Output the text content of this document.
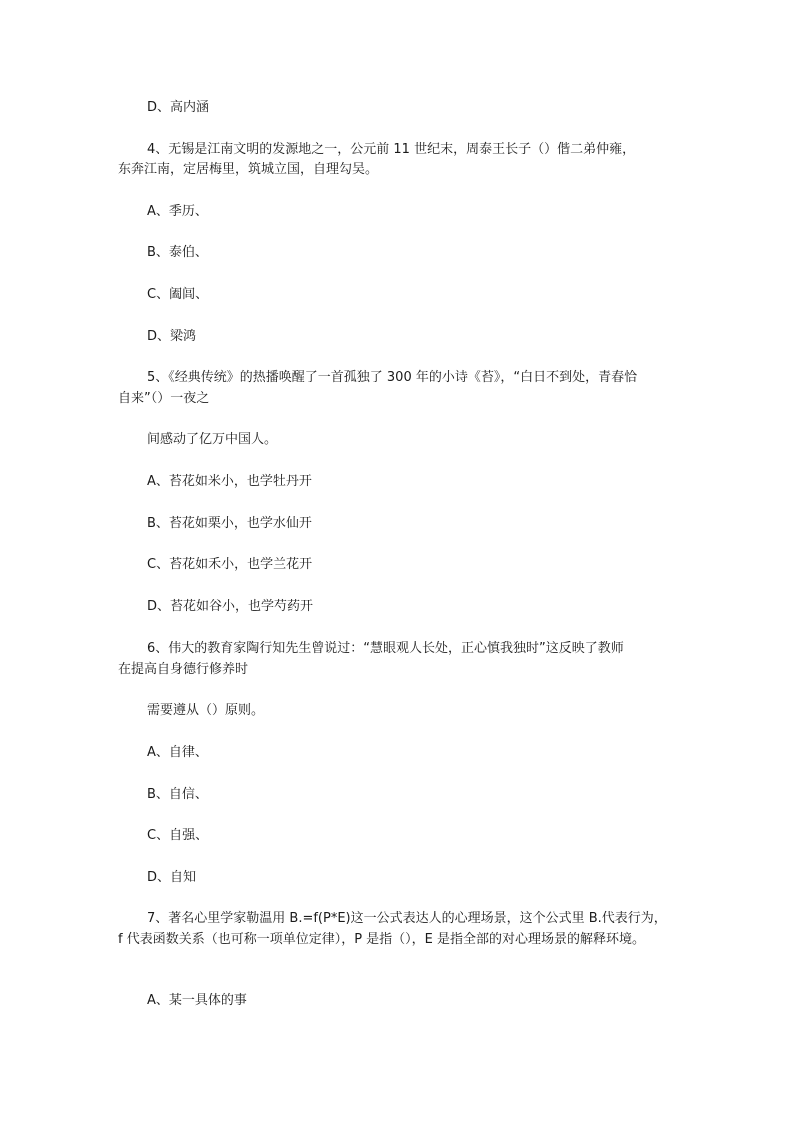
D、高内涵
4、无锡是江南文明的发源地之一，公元前 11 世纪末，周泰王长子（）偕二弟仲雍，
东奔江南，定居梅里，筑城立国，自理勾吴。
A、季历、
B、泰伯、
C、阖闾、
D、梁鸿
5、《经典传统》的热播唤醒了一首孤独了 300 年的小诗《苔》，“白日不到处，青春恰
自来”（）一夜之
间感动了亿万中国人。
A、苔花如米小，也学牡丹开
B、苔花如栗小，也学水仙开
C、苔花如禾小，也学兰花开
D、苔花如谷小，也学芍药开
6、伟大的教育家陶行知先生曾说过：“慧眼观人长处，正心慎我独时”这反映了教师
在提高自身德行修养时
需要遵从（）原则。
A、自律、
B、自信、
C、自强、
D、自知
7、著名心里学家勒温用 B.=f(P*E)这一公式表达人的心理场景，这个公式里 B.代表行为，
f 代表函数关系（也可称一项单位定律），P 是指（），E 是指全部的对心理场景的解释环境。
A、某一具体的事
